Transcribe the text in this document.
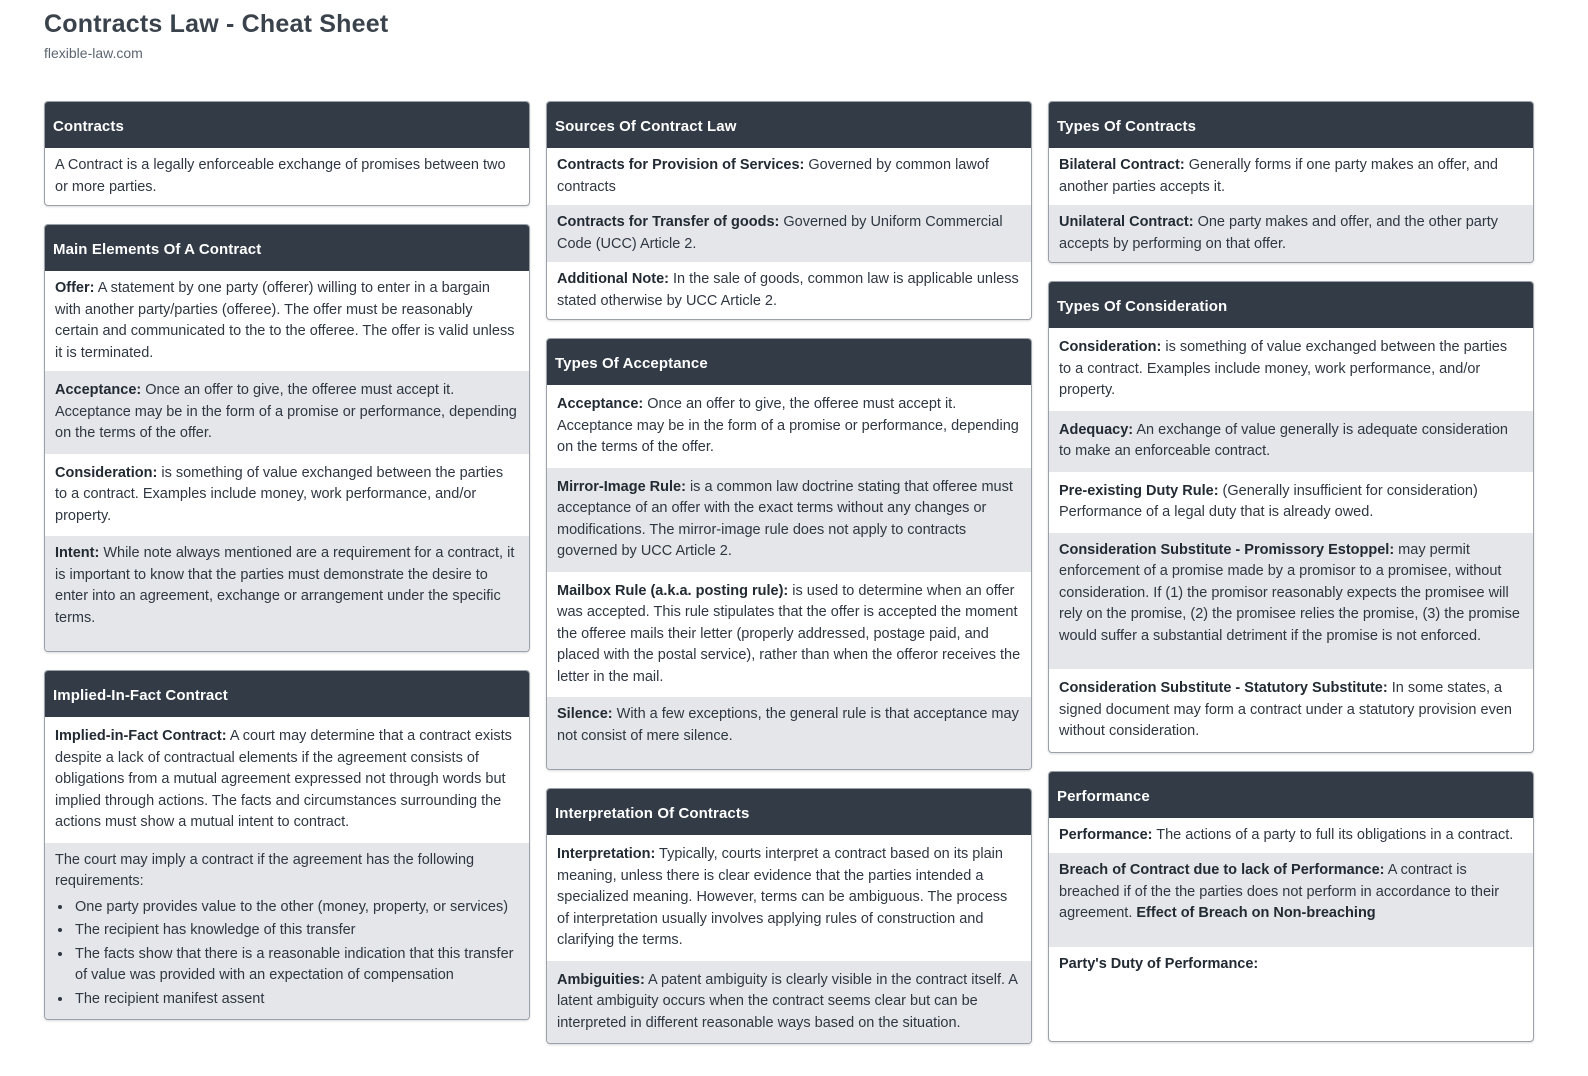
Contracts Law - Cheat Sheet
flexible-law.com
Contracts
A Contract is a legally enforceable exchange of promises between two or more parties.
Main Elements Of A Contract
Offer: A statement by one party (offerer) willing to enter in a bargain with another party/parties (offeree). The offer must be reasonably certain and communicated to the to the offeree. The offer is valid unless it is terminated.
Acceptance: Once an offer to give, the offeree must accept it. Acceptance may be in the form of a promise or performance, depending on the terms of the offer.
Consideration: is something of value exchanged between the parties to a contract. Examples include money, work performance, and/or property.
Intent: While note always mentioned are a requirement for a contract, it is important to know that the parties must demonstrate the desire to enter into an agreement, exchange or arrangement under the specific terms.
Implied-In-Fact Contract
Implied-in-Fact Contract: A court may determine that a contract exists despite a lack of contractual elements if the agreement consists of obligations from a mutual agreement expressed not through words but implied through actions. The facts and circumstances surrounding the actions must show a mutual intent to contract.
The court may imply a contract if the agreement has the following requirements:
• One party provides value to the other (money, property, or services)
• The recipient has knowledge of this transfer
• The facts show that there is a reasonable indication that this transfer of value was provided with an expectation of compensation
• The recipient manifest assent
Sources Of Contract Law
Contracts for Provision of Services: Governed by common lawof contracts
Contracts for Transfer of goods: Governed by Uniform Commercial Code (UCC) Article 2.
Additional Note: In the sale of goods, common law is applicable unless stated otherwise by UCC Article 2.
Types Of Acceptance
Acceptance: Once an offer to give, the offeree must accept it. Acceptance may be in the form of a promise or performance, depending on the terms of the offer.
Mirror-Image Rule: is a common law doctrine stating that offeree must acceptance of an offer with the exact terms without any changes or modifications. The mirror-image rule does not apply to contracts governed by UCC Article 2.
Mailbox Rule (a.k.a. posting rule): is used to determine when an offer was accepted. This rule stipulates that the offer is accepted the moment the offeree mails their letter (properly addressed, postage paid, and placed with the postal service), rather than when the offeror receives the letter in the mail.
Silence: With a few exceptions, the general rule is that acceptance may not consist of mere silence.
Interpretation Of Contracts
Interpretation: Typically, courts interpret a contract based on its plain meaning, unless there is clear evidence that the parties intended a specialized meaning. However, terms can be ambiguous. The process of interpretation usually involves applying rules of construction and clarifying the terms.
Ambiguities: A patent ambiguity is clearly visible in the contract itself. A latent ambiguity occurs when the contract seems clear but can be interpreted in different reasonable ways based on the situation.
Types Of Contracts
Bilateral Contract: Generally forms if one party makes an offer, and another parties accepts it.
Unilateral Contract: One party makes and offer, and the other party accepts by performing on that offer.
Types Of Consideration
Consideration: is something of value exchanged between the parties to a contract. Examples include money, work performance, and/or property.
Adequacy: An exchange of value generally is adequate consideration to make an enforceable contract.
Pre-existing Duty Rule: (Generally insufficient for consideration) Performance of a legal duty that is already owed.
Consideration Substitute - Promissory Estoppel: may permit enforcement of a promise made by a promisor to a promisee, without consideration. If (1) the promisor reasonably expects the promisee will rely on the promise, (2) the promisee relies the promise, (3) the promise would suffer a substantial detriment if the promise is not enforced.
Consideration Substitute - Statutory Substitute: In some states, a signed document may form a contract under a statutory provision even without consideration.
Performance
Performance: The actions of a party to full its obligations in a contract.
Breach of Contract due to lack of Performance: A contract is breached if of the the parties does not perform in accordance to their agreement. Effect of Breach on Non-breaching
Party's Duty of Performance:
